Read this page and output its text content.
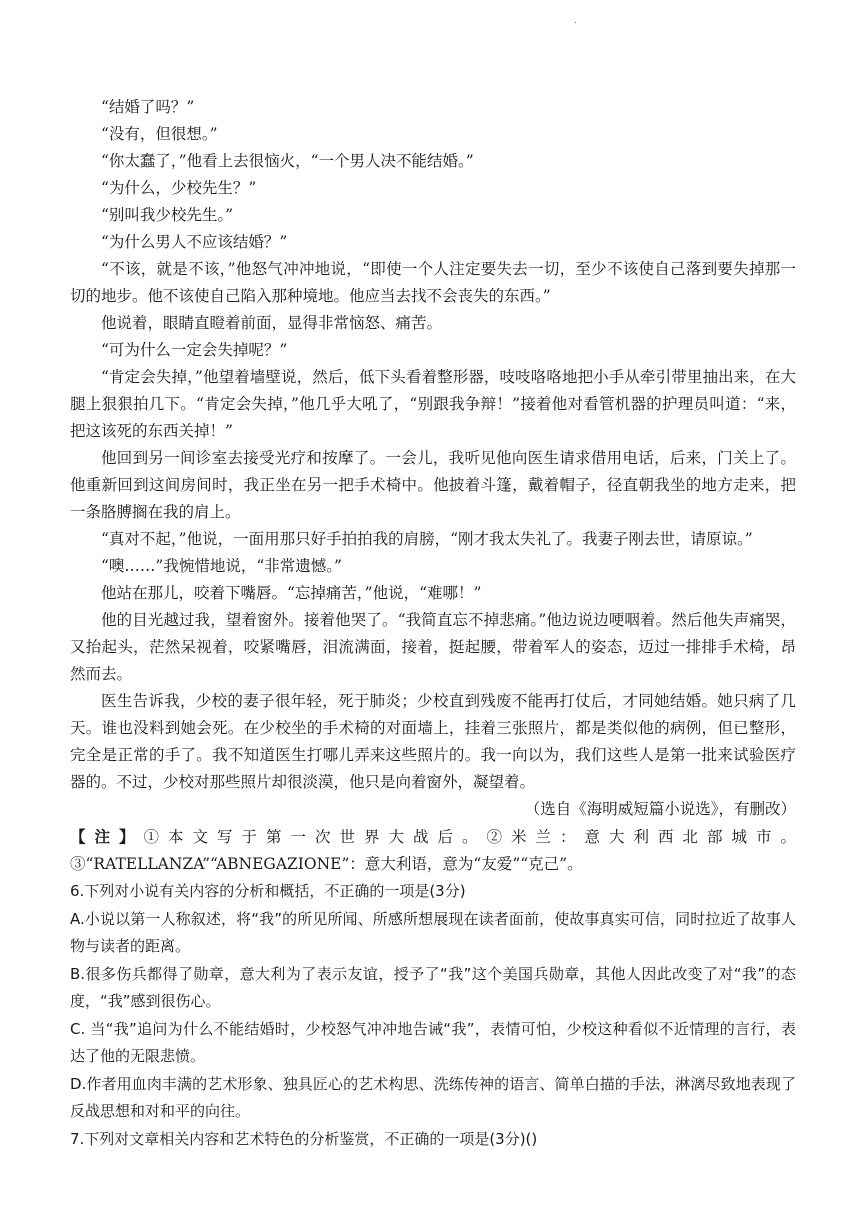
.

“结婚了吗？”

“没有，但很想。”

“你太蠢了，”他看上去很恼火，“一个男人决不能结婚。”

“为什么，少校先生？”

“别叫我少校先生。”

“为什么男人不应该结婚？”

“不该，就是不该，”他怒气冲冲地说，“即使一个人注定要失去一切，至少不该使自己落到要失掉那一切的地步。他不该使自己陷入那种境地。他应当去找不会丧失的东西。”

他说着，眼睛直瞪着前面，显得非常恼怒、痛苦。

“可为什么一定会失掉呢？”

“肯定会失掉，”他望着墙壁说，然后，低下头看着整形器，吱吱咯咯地把小手从牵引带里抽出来，在大腿上狠狠拍几下。“肯定会失掉，”他几乎大吼了，“别跟我争辩！”接着他对看管机器的护理员叫道：“来，把这该死的东西关掉！”

他回到另一间诊室去接受光疗和按摩了。一会儿，我听见他向医生请求借用电话，后来，门关上了。他重新回到这间房间时，我正坐在另一把手术椅中。他披着斗篷，戴着帽子，径直朝我坐的地方走来，把一条胳膊搁在我的肩上。

“真对不起，”他说，一面用那只好手拍拍我的肩膀，“刚才我太失礼了。我妻子刚去世，请原谅。”

“噢……”我惋惜地说，“非常遗憾。”

他站在那儿，咬着下嘴唇。“忘掉痛苦，”他说，“难哪！”

他的目光越过我，望着窗外。接着他哭了。“我简直忘不掉悲痛。”他边说边哽咽着。然后他失声痛哭，又抬起头，茫然呆视着，咬紧嘴唇，泪流满面，接着，挺起腰，带着军人的姿态，迈过一排排手术椅，昂然而去。

医生告诉我，少校的妻子很年轻，死于肺炎；少校直到残废不能再打仗后，才同她结婚。她只病了几天。谁也没料到她会死。在少校坐的手术椅的对面墙上，挂着三张照片，都是类似他的病例，但已整形，完全是正常的手了。我不知道医生打哪儿弄来这些照片的。我一向以为，我们这些人是第一批来试验医疗器的。不过，少校对那些照片却很淡漠，他只是向着窗外，凝望着。

（选自《海明威短篇小说选》，有删改）

【注】①本文写于第一次世界大战后。②米兰：意大利西北部城市。③“RATELLANZA”“ABNEGAZIONE”：意大利语，意为“友爱”“克己”。

6.下列对小说有关内容的分析和概括，不正确的一项是(3分)

A.小说以第一人称叙述，将“我”的所见所闻、所感所想展现在读者面前，使故事真实可信，同时拉近了故事人物与读者的距离。

B.很多伤兵都得了勋章，意大利为了表示友谊，授予了“我”这个美国兵勋章，其他人因此改变了对“我”的态度，“我”感到很伤心。

C. 当“我”追问为什么不能结婚时，少校怒气冲冲地告诫“我”，表情可怕，少校这种看似不近情理的言行，表达了他的无限悲愤。

D.作者用血肉丰满的艺术形象、独具匠心的艺术构思、洗练传神的语言、简单白描的手法，淋漓尽致地表现了反战思想和对和平的向往。

7.下列对文章相关内容和艺术特色的分析鉴赏，不正确的一项是(3分)()
